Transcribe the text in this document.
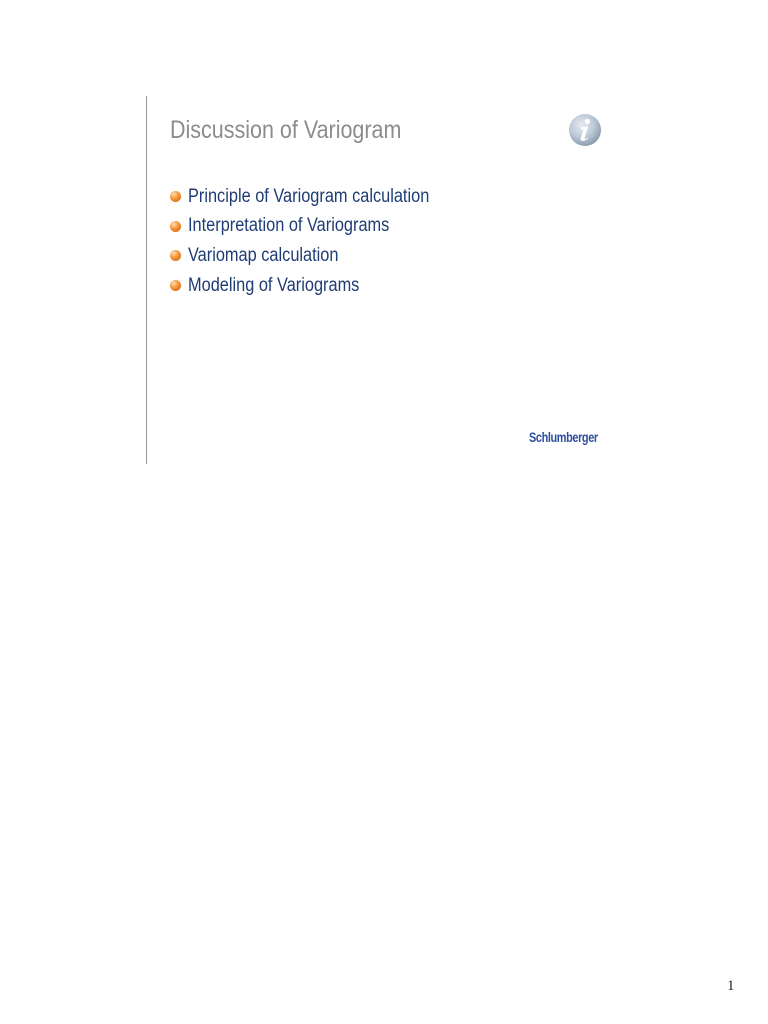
Discussion of Variogram
Principle of Variogram calculation
Interpretation of Variograms
Variomap calculation
Modeling of Variograms
Schlumberger
1
